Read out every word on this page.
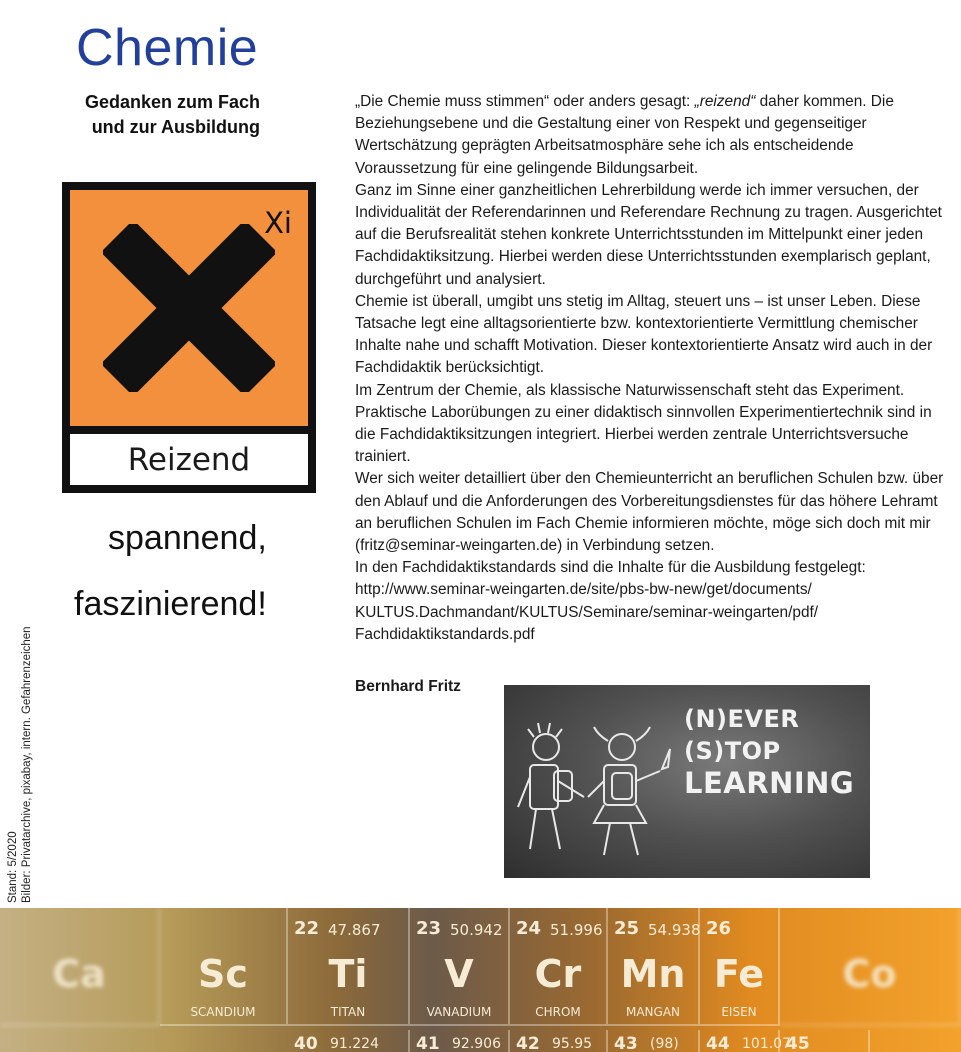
Chemie
Gedanken zum Fach
und zur Ausbildung
Xi
Reizend
spannend,
faszinierend!
Stand: 5/2020 Bilder: Privatarchive, pixabay, intern. Gefahrenzeichen

„Die Chemie muss stimmen“ oder anders gesagt: „reizend“ daher kommen. Die Beziehungsebene und die Gestaltung einer von Respekt und gegenseitiger Wertschätzung geprägten Arbeitsatmosphäre sehe ich als entscheidende Voraussetzung für eine gelingende Bildungsarbeit.

Ganz im Sinne einer ganzheitlichen Lehrerbildung werde ich immer versuchen, der Individualität der Referendarinnen und Referendare Rechnung zu tragen. Ausgerichtet auf die Berufsrealität stehen konkrete Unterrichtsstunden im Mittelpunkt einer jeden Fachdidaktiksitzung. Hierbei werden diese Unterrichtsstunden exemplarisch geplant, durchgeführt und analysiert.

Chemie ist überall, umgibt uns stetig im Alltag, steuert uns – ist unser Leben. Diese Tatsache legt eine alltagsorientierte bzw. kontextorientierte Vermittlung chemischer Inhalte nahe und schafft Motivation. Dieser kontextorientierte Ansatz wird auch in der Fachdidaktik berücksichtigt.

Im Zentrum der Chemie, als klassische Naturwissenschaft steht das Experiment. Praktische Laborübungen zu einer didaktisch sinnvollen Experimentiertechnik sind in die Fachdidaktiksitzungen integriert. Hierbei werden zentrale Unterrichtsversuche trainiert.

Wer sich weiter detailliert über den Chemieunterricht an beruflichen Schulen bzw. über den Ablauf und die Anforderungen des Vorbereitungsdienstes für das höhere Lehramt an beruflichen Schulen im Fach Chemie informieren möchte, möge sich doch mit mir (fritz@seminar-weingarten.de) in Verbindung setzen.

In den Fachdidaktikstandards sind die Inhalte für die Ausbildung festgelegt:

http://www.seminar-weingarten.de/site/pbs-bw-new/get/documents/

KULTUS.Dachmandant/KULTUS/Seminare/seminar-weingarten/pdf/

Fachdidaktikstandards.pdf

Bernhard Fritz
(N)EVER (S)TOP
LEARNING
Ca	Sc
SCANDIUM
22 47.867
Ti
TITAN
23 50.942
V
VANADIUM
24 51.996
Cr
CHROM
25 54.938
Mn
MANGAN
26
Fe
EISEN
Co
40 91.224 41 92.906 42 95.95 43 (98) 44 101.07
45
